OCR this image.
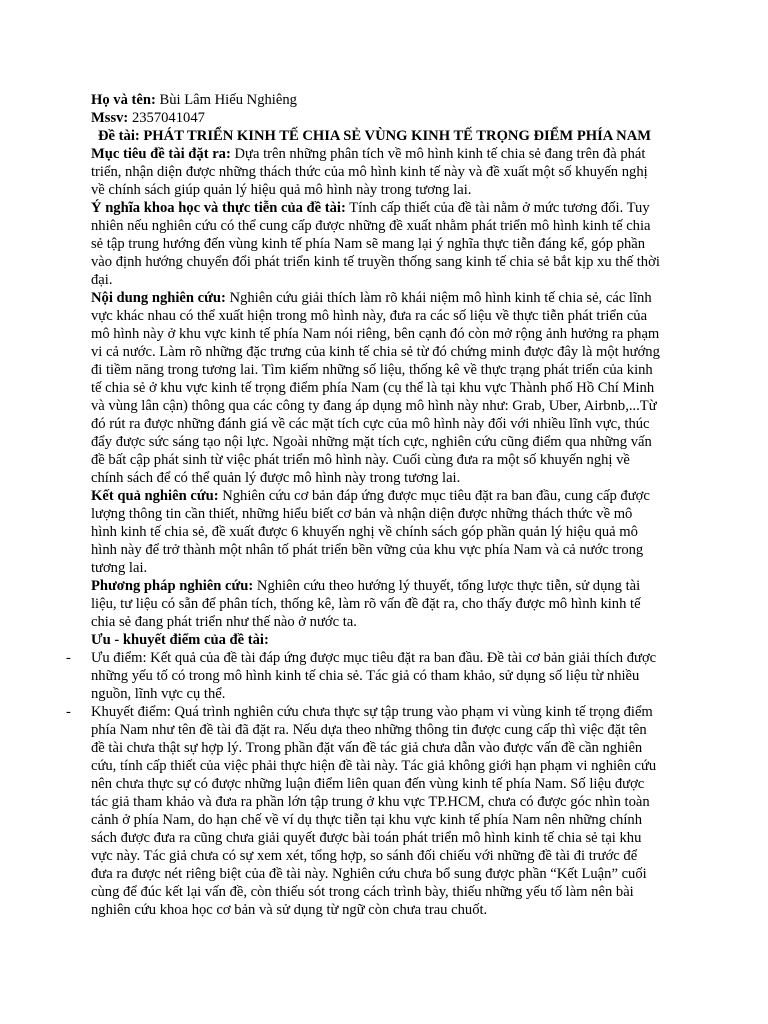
Họ và tên: Bùi Lâm Hiếu Nghiêng
Mssv: 2357041047
Đề tài: PHÁT TRIỂN KINH TẾ CHIA SẺ VÙNG KINH TẾ TRỌNG ĐIỂM PHÍA NAM
Mục tiêu đề tài đặt ra: Dựa trên những phân tích về mô hình kinh tế chia sẻ đang trên đà phát
triển, nhận diện được những thách thức của mô hình kinh tế này và đề xuất một số khuyến nghị
về chính sách giúp quản lý hiệu quả mô hình này trong tương lai.
Ý nghĩa khoa học và thực tiễn của đề tài: Tính cấp thiết của đề tài nằm ở mức tương đối. Tuy
nhiên nếu nghiên cứu có thể cung cấp được những đề xuất nhằm phát triển mô hình kinh tế chia
sẻ tập trung hướng đến vùng kinh tế phía Nam sẽ mang lại ý nghĩa thực tiễn đáng kể, góp phần
vào định hướng chuyển đổi phát triển kinh tế truyền thống sang kinh tế chia sẻ bắt kịp xu thế thời
đại.
Nội dung nghiên cứu: Nghiên cứu giải thích làm rõ khái niệm mô hình kinh tế chia sẻ, các lĩnh
vực khác nhau có thể xuất hiện trong mô hình này, đưa ra các số liệu về thực tiễn phát triển của
mô hình này ở khu vực kinh tế phía Nam nói riêng, bên cạnh đó còn mở rộng ảnh hưởng ra phạm
vi cả nước. Làm rõ những đặc trưng của kinh tế chia sẻ từ đó chứng minh được đây là một hướng
đi tiềm năng trong tương lai. Tìm kiếm những số liệu, thống kê về thực trạng phát triển của kinh
tế chia sẻ ở khu vực kinh tế trọng điểm phía Nam (cụ thể là tại khu vực Thành phố Hồ Chí Minh
và vùng lân cận) thông qua các công ty đang áp dụng mô hình này như: Grab, Uber, Airbnb,...Từ
đó rút ra được những đánh giá về các mặt tích cực của mô hình này đối với nhiều lĩnh vực, thúc
đẩy được sức sáng tạo nội lực. Ngoài những mặt tích cực, nghiên cứu cũng điểm qua những vấn
đề bất cập phát sinh từ việc phát triển mô hình này. Cuối cùng đưa ra một số khuyến nghị về
chính sách để có thể quản lý được mô hình này trong tương lai.
Kết quả nghiên cứu: Nghiên cứu cơ bản đáp ứng được mục tiêu đặt ra ban đầu, cung cấp được
lượng thông tin cần thiết, những hiểu biết cơ bản và nhận diện được những thách thức về mô
hình kinh tế chia sẻ, đề xuất được 6 khuyến nghị về chính sách góp phần quản lý hiệu quả mô
hình này để trở thành một nhân tố phát triển bền vững của khu vực phía Nam và cả nước trong
tương lai.
Phương pháp nghiên cứu: Nghiên cứu theo hướng lý thuyết, tổng lược thực tiễn, sử dụng tài
liệu, tư liệu có sẵn để phân tích, thống kê, làm rõ vấn đề đặt ra, cho thấy được mô hình kinh tế
chia sẻ đang phát triển như thế nào ở nước ta.
Ưu - khuyết điểm của đề tài:
- Ưu điểm: Kết quả của đề tài đáp ứng được mục tiêu đặt ra ban đầu. Đề tài cơ bản giải thích được
những yếu tố có trong mô hình kinh tế chia sẻ. Tác giả có tham khảo, sử dụng số liệu từ nhiều
nguồn, lĩnh vực cụ thể.
- Khuyết điểm: Quá trình nghiên cứu chưa thực sự tập trung vào phạm vi vùng kinh tế trọng điểm
phía Nam như tên đề tài đã đặt ra. Nếu dựa theo những thông tin được cung cấp thì việc đặt tên
đề tài chưa thật sự hợp lý. Trong phần đặt vấn đề tác giả chưa dẫn vào được vấn đề cần nghiên
cứu, tính cấp thiết của việc phải thực hiện đề tài này. Tác giả không giới hạn phạm vi nghiên cứu
nên chưa thực sự có được những luận điểm liên quan đến vùng kinh tế phía Nam. Số liệu được
tác giả tham khảo và đưa ra phần lớn tập trung ở khu vực TP.HCM, chưa có được góc nhìn toàn
cảnh ở phía Nam, do hạn chế về ví dụ thực tiễn tại khu vực kinh tế phía Nam nên những chính
sách được đưa ra cũng chưa giải quyết được bài toán phát triển mô hình kinh tế chia sẻ tại khu
vực này. Tác giả chưa có sự xem xét, tổng hợp, so sánh đối chiếu với những đề tài đi trước để
đưa ra được nét riêng biệt của đề tài này. Nghiên cứu chưa bổ sung được phần “Kết Luận” cuối
cùng để đúc kết lại vấn đề, còn thiếu sót trong cách trình bày, thiếu những yếu tố làm nên bài
nghiên cứu khoa học cơ bản và sử dụng từ ngữ còn chưa trau chuốt.
